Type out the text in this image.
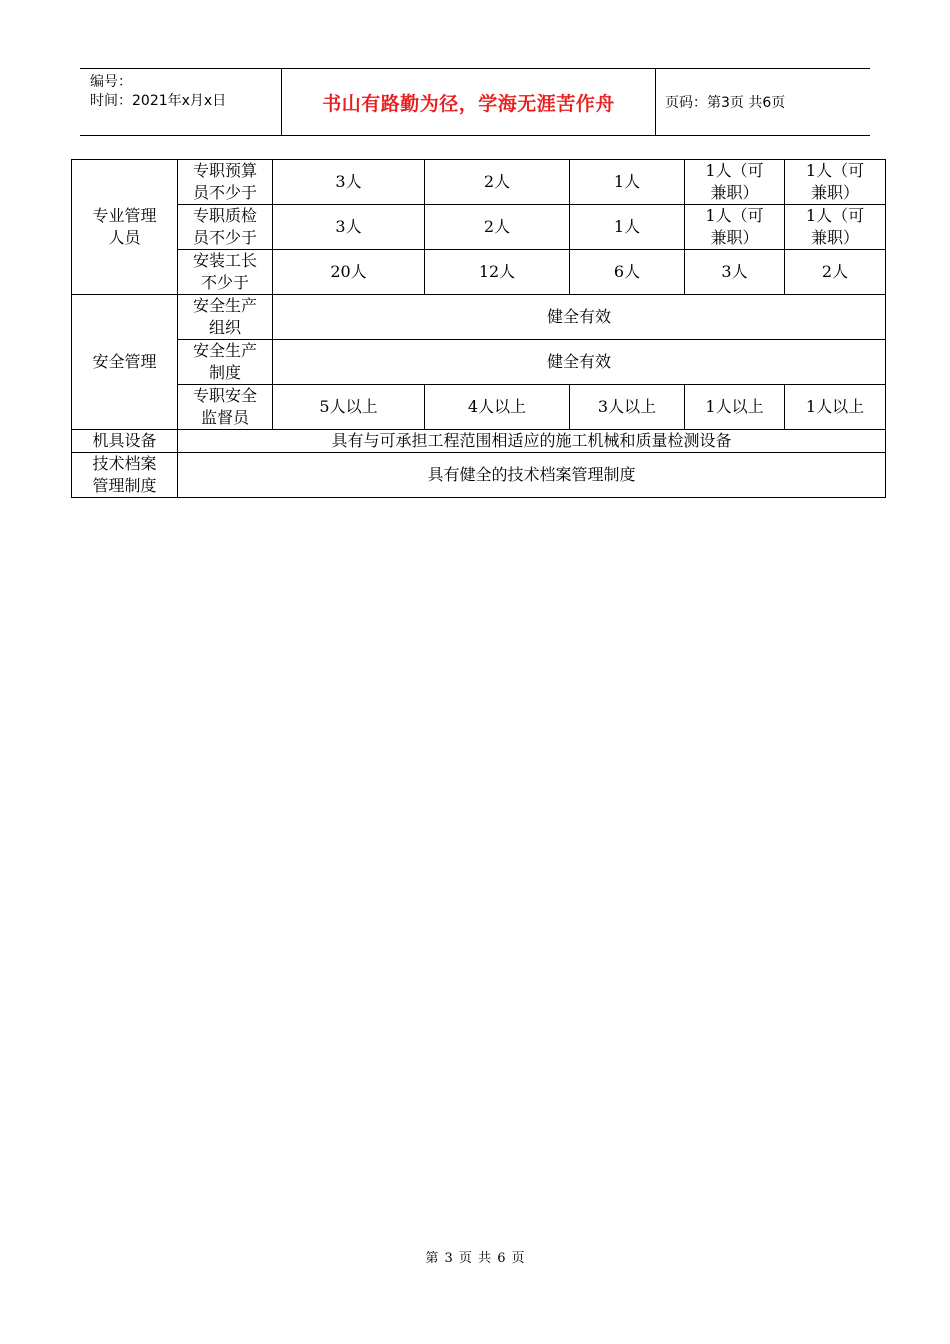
编号：
时间：2021年x月x日	书山有路勤为径，学海无涯苦作舟	页码：第3页 共6页
专业管理
人员	专职预算
员不少于	3人	2人	1人	1人（可
兼职）	1人（可
兼职）

	专职质检
员不少于	3人	2人	1人	1人（可
兼职）	1人（可
兼职）

	安装工长
不少于	20人	12人	6人	3人	2人
安全管理	安全生产
组织	健全有效				

	安全生产
制度	健全有效				

	专职安全
监督员	5人以上	4人以上	3人以上	1人以上	1人以上
机具设备	具有与可承担工程范围相适应的施工机械和质量检测设备					

技术档案
管理制度	具有健全的技术档案管理制度					
第 3 页 共 6 页
